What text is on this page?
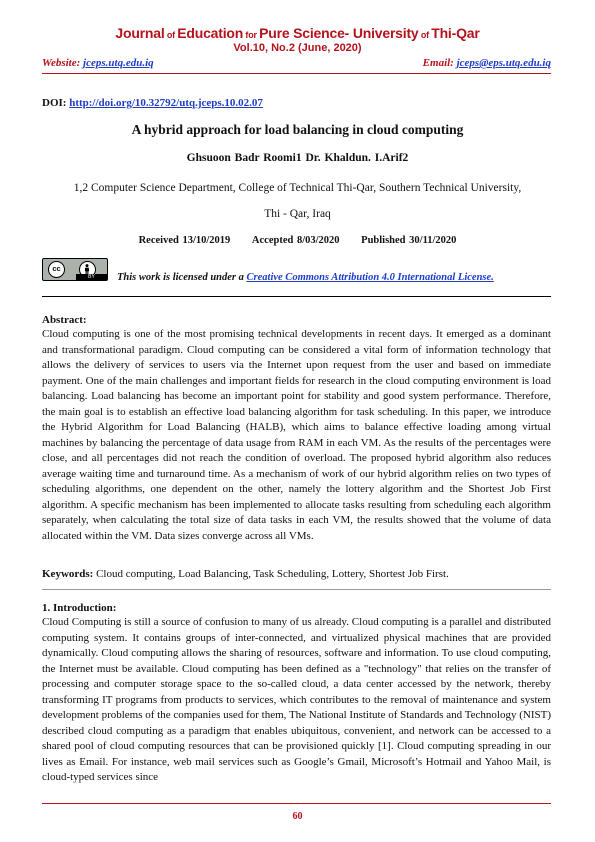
Journal of Education for Pure Science- University of Thi-Qar
Vol.10, No.2 (June, 2020)
Website: jceps.utq.edu.iq	Email: jceps@eps.utq.edu.iq
DOI: http://doi.org/10.32792/utq.jceps.10.02.07
A hybrid approach for load balancing in cloud computing
Ghsuoon Badr Roomi1 Dr. Khaldun. I.Arif2
1,2 Computer Science Department, College of Technical Thi-Qar, Southern Technical University,
Thi - Qar, Iraq
Received 13/10/2019 Accepted 8/03/2020 Published 30/11/2020
cc
BY	This work is licensed under a Creative Commons Attribution 4.0 International License.
Abstract:
Cloud computing is one of the most promising technical developments in recent days. It emerged as a dominant and transformational paradigm. Cloud computing can be considered a vital form of information technology that allows the delivery of services to users via the Internet upon request from the user and based on immediate payment. One of the main challenges and important fields for research in the cloud computing environment is load balancing. Load balancing has become an important point for stability and good system performance. Therefore, the main goal is to establish an effective load balancing algorithm for task scheduling. In this paper, we introduce the Hybrid Algorithm for Load Balancing (HALB), which aims to balance effective loading among virtual machines by balancing the percentage of data usage from RAM in each VM. As the results of the percentages were close, and all percentages did not reach the condition of overload. The proposed hybrid algorithm also reduces average waiting time and turnaround time. As a mechanism of work of our hybrid algorithm relies on two types of scheduling algorithms, one dependent on the other, namely the lottery algorithm and the Shortest Job First algorithm. A specific mechanism has been implemented to allocate tasks resulting from scheduling each algorithm separately, when calculating the total size of data tasks in each VM, the results showed that the volume of data allocated within the VM. Data sizes converge across all VMs.
Keywords: Cloud computing, Load Balancing, Task Scheduling, Lottery, Shortest Job First.
1. Introduction:
Cloud Computing is still a source of confusion to many of us already. Cloud computing is a parallel and distributed computing system. It contains groups of inter-connected, and virtualized physical machines that are provided dynamically. Cloud computing allows the sharing of resources, software and information. To use cloud computing, the Internet must be available. Cloud computing has been defined as a "technology" that relies on the transfer of processing and computer storage space to the so-called cloud, a data center accessed by the network, thereby transforming IT programs from products to services, which contributes to the removal of maintenance and system development problems of the companies used for them, The National Institute of Standards and Technology (NIST) described cloud computing as a paradigm that enables ubiquitous, convenient, and network can be accessed to a shared pool of cloud computing resources that can be provisioned quickly [1]. Cloud computing spreading in our lives as Email. For instance, web mail services such as Google’s Gmail, Microsoft’s Hotmail and Yahoo Mail, is cloud-typed services since
60
